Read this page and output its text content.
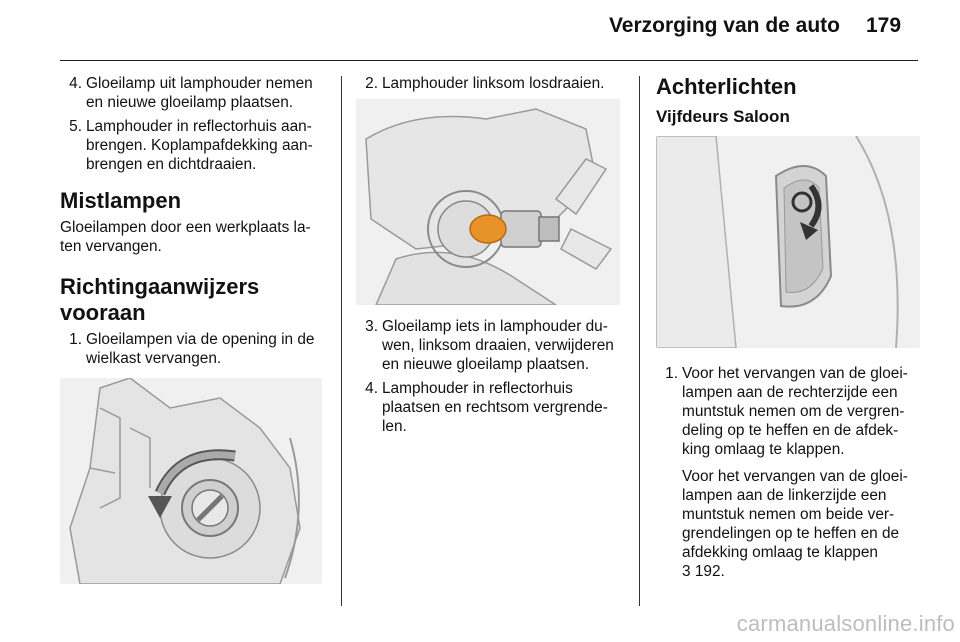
Verzorging van de auto 179
4. Gloeilamp uit lamphouder nemen en nieuwe gloeilamp plaatsen.
5. Lamphouder in reflectorhuis aan-brengen. Koplampafdekking aan-brengen en dichtdraaien.
Mistlampen

Gloeilampen door een werkplaats la-ten vervangen.

Richtingaanwijzers vooraan
1. Gloeilampen via de opening in de wielkast vervangen.
2. Lamphouder linksom losdraaien.
3. Gloeilamp iets in lamphouder du-wen, linksom draaien, verwijderen en nieuwe gloeilamp plaatsen.
4. Lamphouder in reflectorhuis plaatsen en rechtsom vergrende-len.
Achterlichten
Vijfdeurs Saloon
1. Voor het vervangen van de gloei-lampen aan de rechterzijde een muntstuk nemen om de vergren-deling op te heffen en de afdek-king omlaag te klappen.
Voor het vervangen van de gloei-lampen aan de linkerzijde een muntstuk nemen om beide ver-grendelingen op te heffen en de afdekking omlaag te klappen
3 192.
carmanualsonline.info
